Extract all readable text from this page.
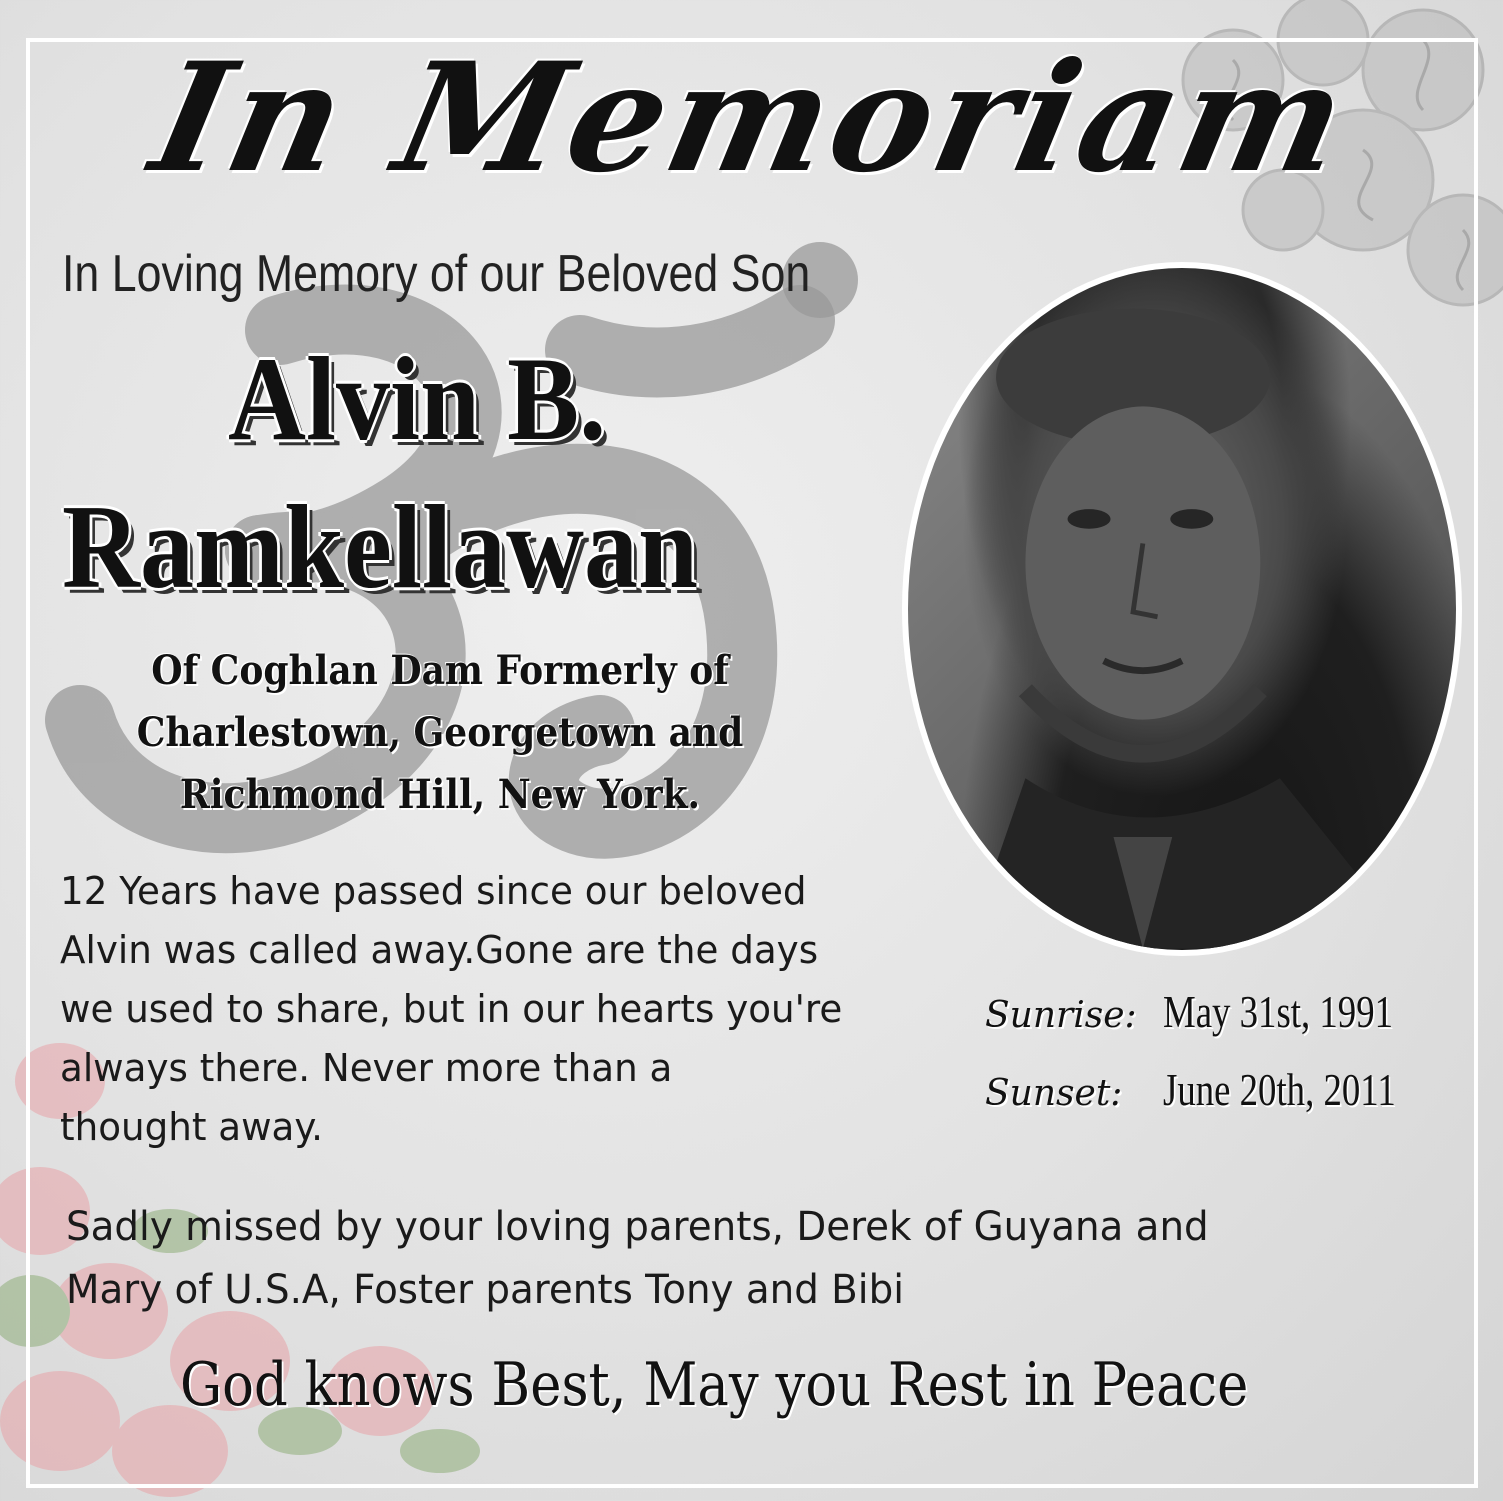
In Memoriam
In Loving Memory of our Beloved Son
Alvin B.
Ramkellawan
Of Coghlan Dam Formerly of
Charlestown, Georgetown and
Richmond Hill, New York.
12 Years have passed since our beloved
Alvin was called away.Gone are the days
we used to share, but in our hearts you're
always there. Never more than a
thought away.
Sunrise: May 31st, 1991
Sunset: June 20th, 2011
Sadly missed by your loving parents, Derek of Guyana and
Mary of U.S.A, Foster parents Tony and Bibi
God knows Best, May you Rest in Peace
